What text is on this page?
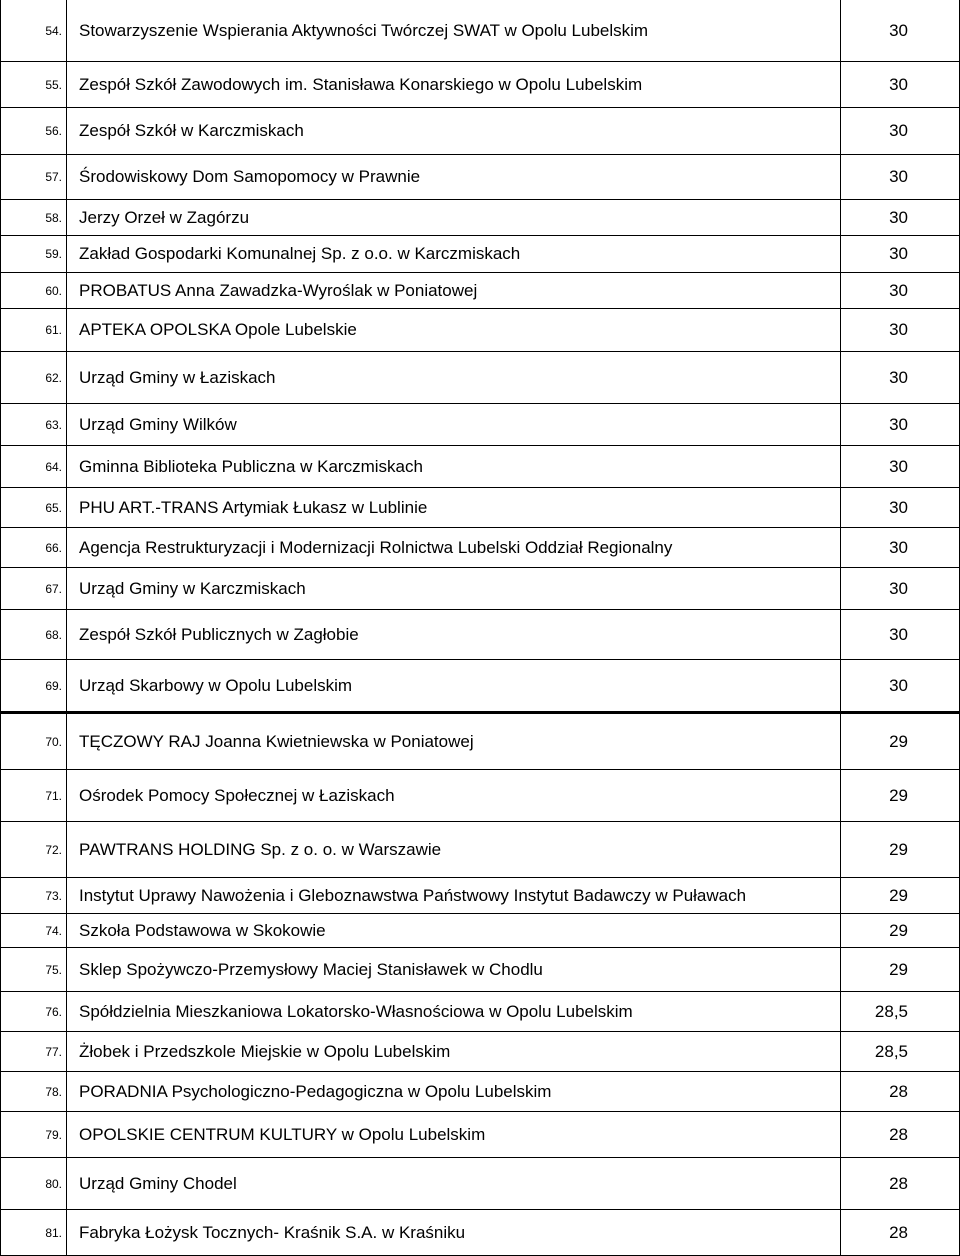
54.	Stowarzyszenie Wspierania Aktywności Twórczej SWAT w Opolu Lubelskim	30
55.	Zespół Szkół Zawodowych im. Stanisława Konarskiego w Opolu Lubelskim	30
56.	Zespół Szkół w Karczmiskach	30
57.	Środowiskowy Dom Samopomocy w Prawnie	30
58.	Jerzy Orzeł w Zagórzu	30
59.	Zakład Gospodarki Komunalnej Sp. z o.o. w Karczmiskach	30
60.	PROBATUS Anna Zawadzka-Wyroślak w Poniatowej	30
61.	APTEKA OPOLSKA Opole Lubelskie	30
62.	Urząd Gminy w Łaziskach	30
63.	Urząd Gminy Wilków	30
64.	Gminna Biblioteka Publiczna w Karczmiskach	30
65.	PHU ART.-TRANS Artymiak Łukasz w Lublinie	30
66.	Agencja Restrukturyzacji i Modernizacji Rolnictwa Lubelski Oddział Regionalny	30
67.	Urząd Gminy w Karczmiskach	30
68.	Zespół Szkół Publicznych w Zagłobie	30
69.	Urząd Skarbowy w Opolu Lubelskim	30
70.	TĘCZOWY RAJ Joanna Kwietniewska w Poniatowej	29
71.	Ośrodek Pomocy Społecznej w Łaziskach	29
72.	PAWTRANS HOLDING Sp. z o. o. w Warszawie	29
73.	Instytut Uprawy Nawożenia i Gleboznawstwa Państwowy Instytut Badawczy w Puławach	29
74.	Szkoła Podstawowa w Skokowie	29
75.	Sklep Spożywczo-Przemysłowy Maciej Stanisławek w Chodlu	29
76.	Spółdzielnia Mieszkaniowa Lokatorsko-Własnościowa w Opolu Lubelskim	28,5
77.	Żłobek i Przedszkole Miejskie w Opolu Lubelskim	28,5
78.	PORADNIA Psychologiczno-Pedagogiczna w Opolu Lubelskim	28
79.	OPOLSKIE CENTRUM KULTURY w Opolu Lubelskim	28
80.	Urząd Gminy Chodel	28
81.	Fabryka Łożysk Tocznych- Kraśnik S.A. w Kraśniku	28
